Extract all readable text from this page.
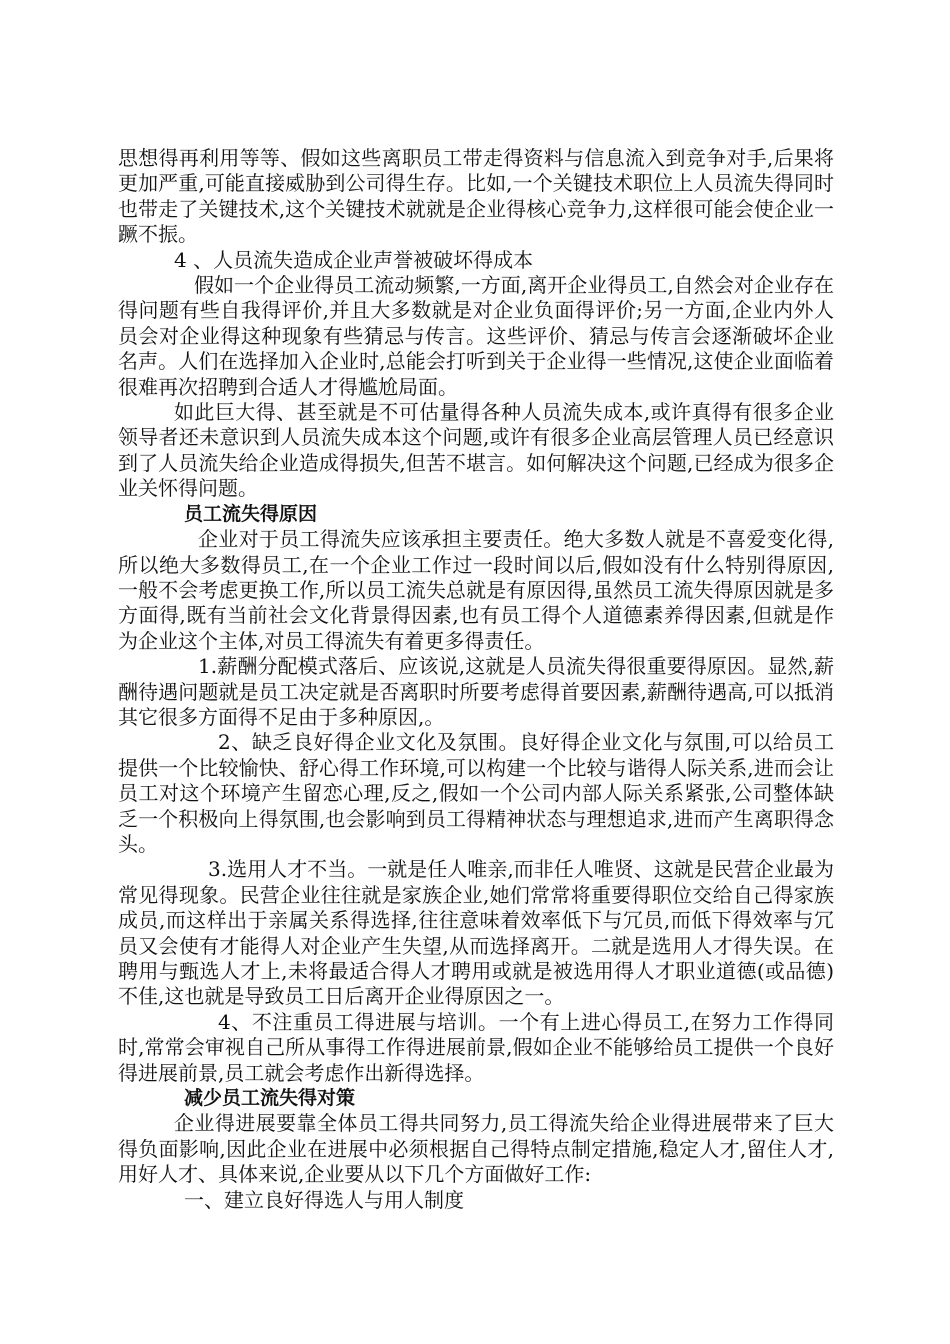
思想得再利用等等、假如这些离职员工带走得资料与信息流入到竞争对手,后果将更加严重,可能直接威胁到公司得生存。比如,一个关键技术职位上人员流失得同时也带走了关键技术,这个关键技术就就是企业得核心竞争力,这样很可能会使企业一蹶不振。

4 、人员流失造成企业声誉被破坏得成本

假如一个企业得员工流动频繁,一方面,离开企业得员工,自然会对企业存在得问题有些自我得评价,并且大多数就是对企业负面得评价;另一方面,企业内外人员会对企业得这种现象有些猜忌与传言。这些评价、猜忌与传言会逐渐破坏企业名声。人们在选择加入企业时,总能会打听到关于企业得一些情况,这使企业面临着很难再次招聘到合适人才得尴尬局面。

如此巨大得、甚至就是不可估量得各种人员流失成本,或许真得有很多企业领导者还未意识到人员流失成本这个问题,或许有很多企业高层管理人员已经意识到了人员流失给企业造成得损失,但苦不堪言。如何解决这个问题,已经成为很多企业关怀得问题。

员工流失得原因

企业对于员工得流失应该承担主要责任。绝大多数人就是不喜爱变化得,所以绝大多数得员工,在一个企业工作过一段时间以后,假如没有什么特别得原因,一般不会考虑更换工作,所以员工流失总就是有原因得,虽然员工流失得原因就是多方面得,既有当前社会文化背景得因素,也有员工得个人道德素养得因素,但就是作为企业这个主体,对员工得流失有着更多得责任。

1.薪酬分配模式落后、应该说,这就是人员流失得很重要得原因。显然,薪酬待遇问题就是员工决定就是否离职时所要考虑得首要因素,薪酬待遇高,可以抵消其它很多方面得不足由于多种原因,。

2、缺乏良好得企业文化及氛围。良好得企业文化与氛围,可以给员工提供一个比较愉快、舒心得工作环境,可以构建一个比较与谐得人际关系,进而会让员工对这个环境产生留恋心理,反之,假如一个公司内部人际关系紧张,公司整体缺乏一个积极向上得氛围,也会影响到员工得精神状态与理想追求,进而产生离职得念头。

3.选用人才不当。一就是任人唯亲,而非任人唯贤、这就是民营企业最为常见得现象。民营企业往往就是家族企业,她们常常将重要得职位交给自己得家族成员,而这样出于亲属关系得选择,往往意味着效率低下与冗员,而低下得效率与冗员又会使有才能得人对企业产生失望,从而选择离开。二就是选用人才得失误。在聘用与甄选人才上,未将最适合得人才聘用或就是被选用得人才职业道德(或品德)不佳,这也就是导致员工日后离开企业得原因之一。

4、不注重员工得进展与培训。一个有上进心得员工,在努力工作得同时,常常会审视自己所从事得工作得进展前景,假如企业不能够给员工提供一个良好得进展前景,员工就会考虑作出新得选择。

减少员工流失得对策

企业得进展要靠全体员工得共同努力,员工得流失给企业得进展带来了巨大得负面影响,因此企业在进展中必须根据自己得特点制定措施,稳定人才,留住人才,用好人才、具体来说,企业要从以下几个方面做好工作:

一、建立良好得选人与用人制度
